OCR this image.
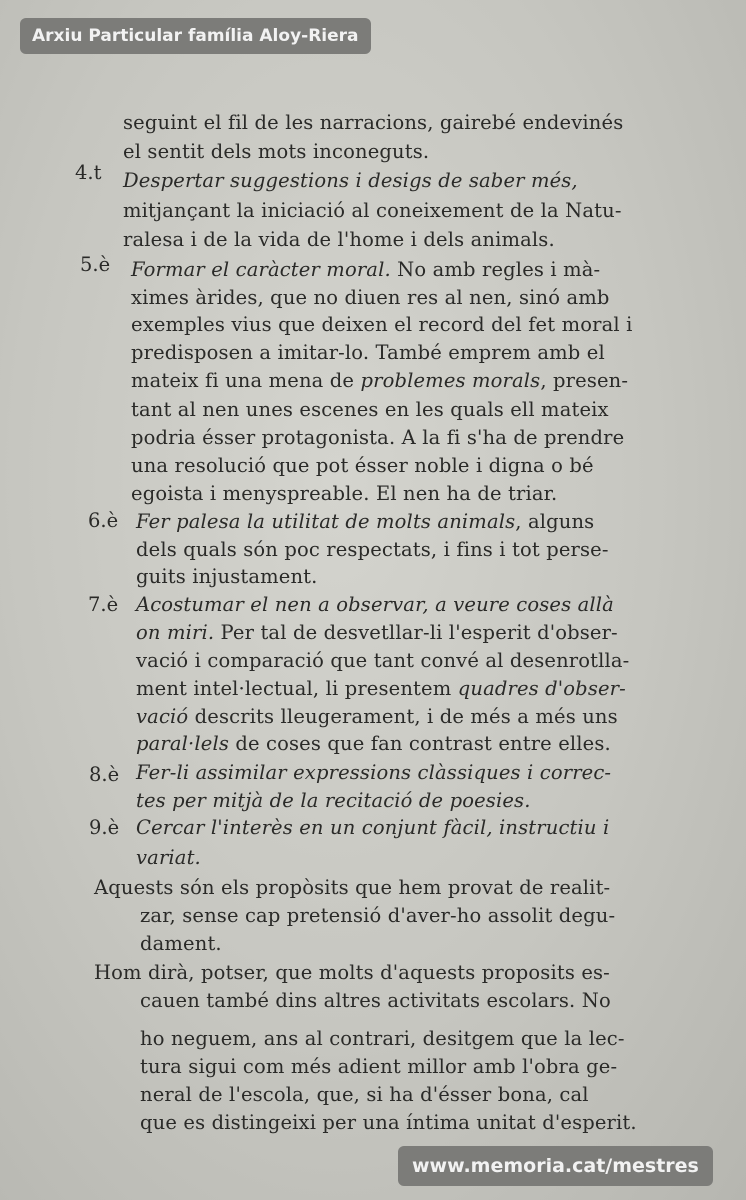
Arxiu Particular família Aloy-Riera
seguint el fil de les narracions, gairebé endevinés
el sentit dels mots inconeguts.
4.t Despertar suggestions i desigs de saber més,
mitjançant la iniciació al coneixement de la Natu-
ralesa i de la vida de l'home i dels animals.
5.è Formar el caràcter moral. No amb regles i mà-
ximes àrides, que no diuen res al nen, sinó amb
exemples vius que deixen el record del fet moral i
predisposen a imitar-lo. També emprem amb el
mateix fi una mena de problemes morals, presen-
tant al nen unes escenes en les quals ell mateix
podria ésser protagonista. A la fi s'ha de prendre
una resolució que pot ésser noble i digna o bé
egoista i menyspreable. El nen ha de triar.
6.è Fer palesa la utilitat de molts animals, alguns
dels quals són poc respectats, i fins i tot perse-
guits injustament.
7.è Acostumar el nen a observar, a veure coses allà
on miri. Per tal de desvetllar-li l'esperit d'obser-
vació i comparació que tant convé al desenrotlla-
ment intel·lectual, li presentem quadres d'obser-
vació descrits lleugerament, i de més a més uns
paral·lels de coses que fan contrast entre elles.
8.è Fer-li assimilar expressions clàssiques i correc-
tes per mitjà de la recitació de poesies.
9.è Cercar l'interès en un conjunt fàcil, instructiu i
variat.
Aquests són els propòsits que hem provat de realit-
zar, sense cap pretensió d'aver-ho assolit degu-
dament.
Hom dirà, potser, que molts d'aquests proposits es-
cauen també dins altres activitats escolars. No
ho neguem, ans al contrari, desitgem que la lec-
tura sigui com més adient millor amb l'obra ge-
neral de l'escola, que, si ha d'ésser bona, cal
que es distingeixi per una íntima unitat d'esperit.
www.memoria.cat/mestres
